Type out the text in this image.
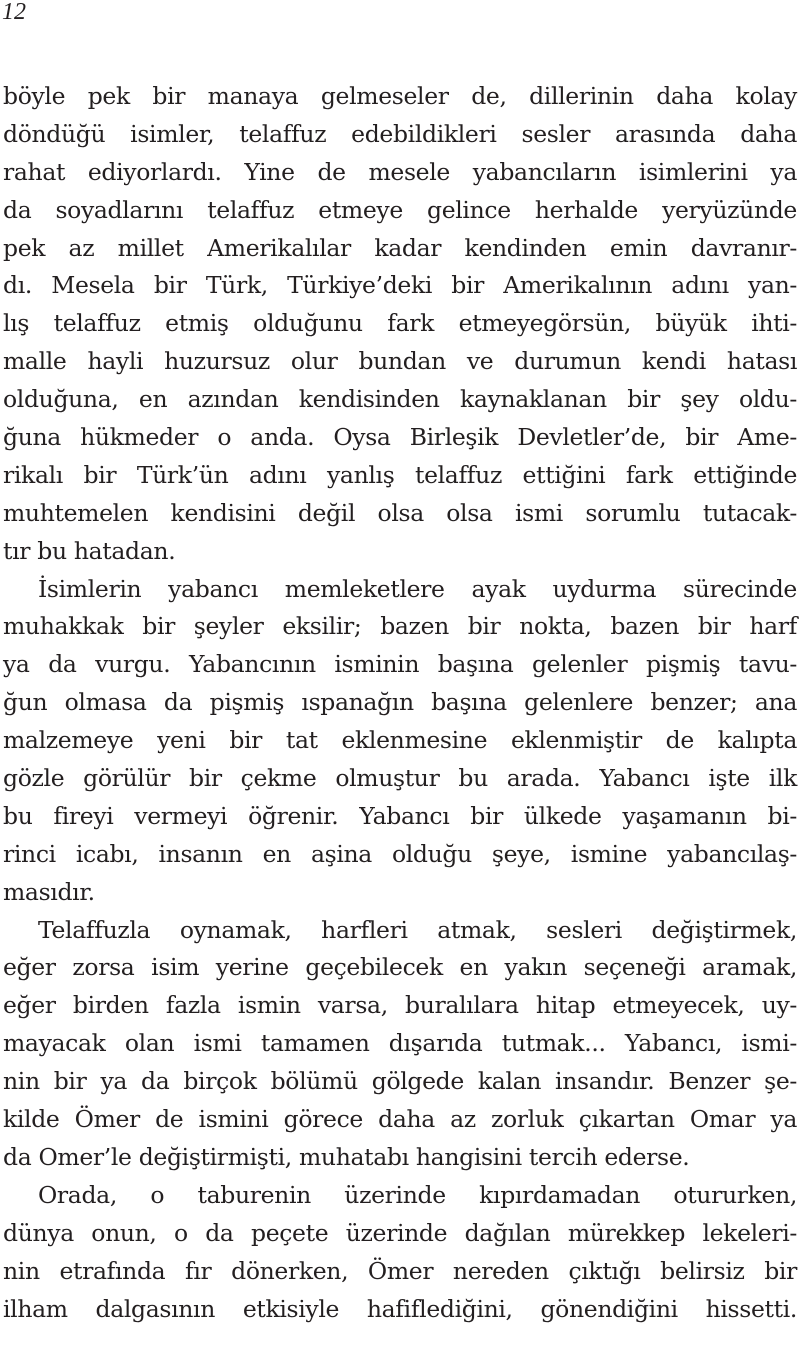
12
böyle pek bir manaya gelmeseler de, dillerinin daha kolay
döndüğü isimler, telaffuz edebildikleri sesler arasında daha
rahat ediyorlardı. Yine de mesele yabancıların isimlerini ya
da soyadlarını telaffuz etmeye gelince herhalde yeryüzünde
pek az millet Amerikalılar kadar kendinden emin davranır-
dı. Mesela bir Türk, Türkiye’deki bir Amerikalının adını yan-
lış telaffuz etmiş olduğunu fark etmeyegörsün, büyük ihti-
malle hayli huzursuz olur bundan ve durumun kendi hatası
olduğuna, en azından kendisinden kaynaklanan bir şey oldu-
ğuna hükmeder o anda. Oysa Birleşik Devletler’de, bir Ame-
rikalı bir Türk’ün adını yanlış telaffuz ettiğini fark ettiğinde
muhtemelen kendisini değil olsa olsa ismi sorumlu tutacak-
tır bu hatadan.
İsimlerin yabancı memleketlere ayak uydurma sürecinde
muhakkak bir şeyler eksilir; bazen bir nokta, bazen bir harf
ya da vurgu. Yabancının isminin başına gelenler pişmiş tavu-
ğun olmasa da pişmiş ıspanağın başına gelenlere benzer; ana
malzemeye yeni bir tat eklenmesine eklenmiştir de kalıpta
gözle görülür bir çekme olmuştur bu arada. Yabancı işte ilk
bu fireyi vermeyi öğrenir. Yabancı bir ülkede yaşamanın bi-
rinci icabı, insanın en aşina olduğu şeye, ismine yabancılaş-
masıdır.
Telaffuzla oynamak, harfleri atmak, sesleri değiştirmek,
eğer zorsa isim yerine geçebilecek en yakın seçeneği aramak,
eğer birden fazla ismin varsa, buralılara hitap etmeyecek, uy-
mayacak olan ismi tamamen dışarıda tutmak... Yabancı, ismi-
nin bir ya da birçok bölümü gölgede kalan insandır. Benzer şe-
kilde Ömer de ismini görece daha az zorluk çıkartan Omar ya
da Omer’le değiştirmişti, muhatabı hangisini tercih ederse.
Orada, o taburenin üzerinde kıpırdamadan otururken,
dünya onun, o da peçete üzerinde dağılan mürekkep lekeleri-
nin etrafında fır dönerken, Ömer nereden çıktığı belirsiz bir
ilham dalgasının etkisiyle hafiflediğini, gönendiğini hissetti.
